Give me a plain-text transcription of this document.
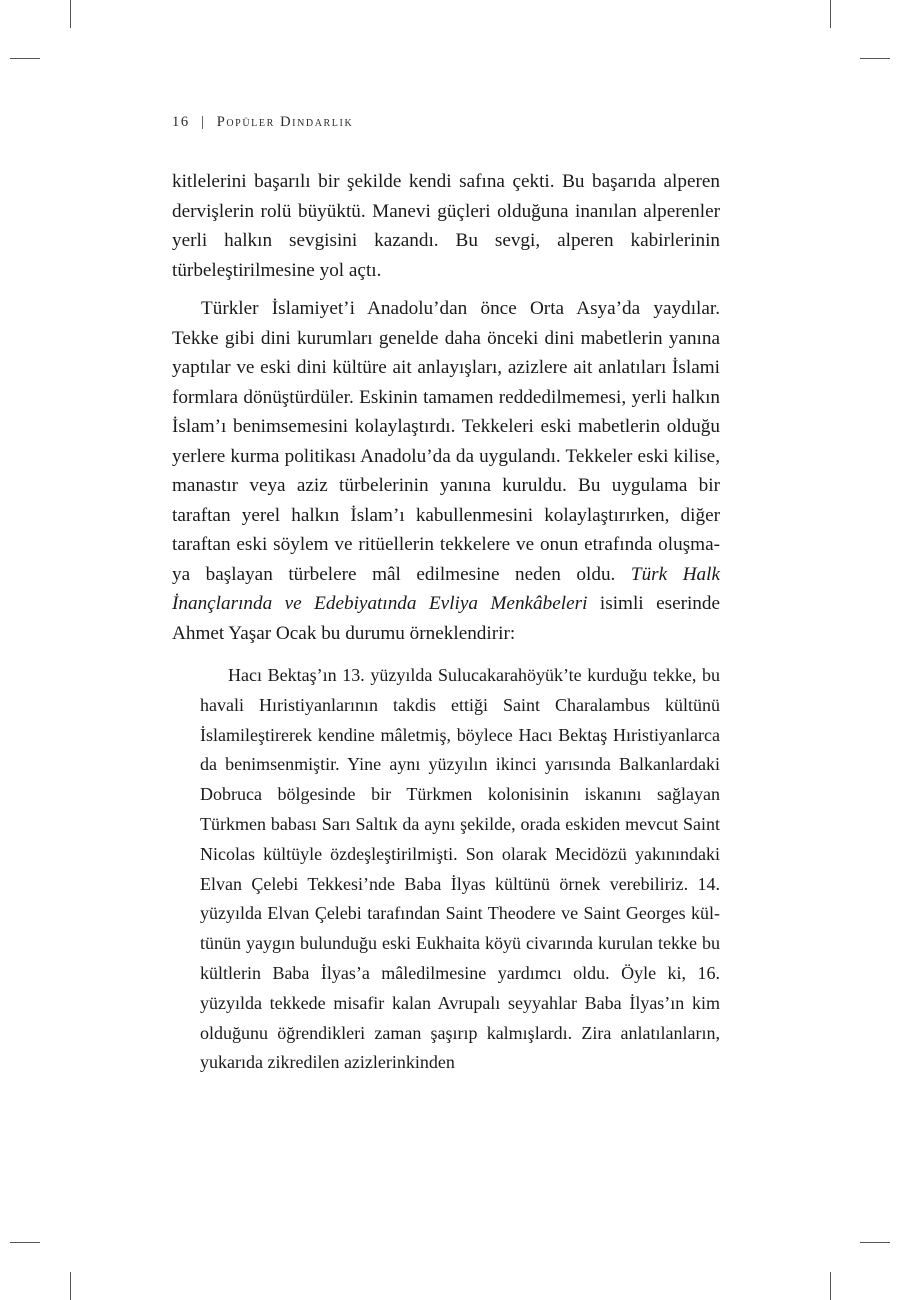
16 | Popüler Dindarlık

kitlelerini başarılı bir şekilde kendi safına çekti. Bu başarıda alperen dervişlerin rolü büyüktü. Manevi güçleri olduğuna inanılan alperenler yerli halkın sevgisini kazandı. Bu sevgi, alperen kabirlerinin türbeleştirilmesine yol açtı.

Türkler İslamiyet’i Anadolu’dan önce Orta Asya’da yaydılar. Tekke gibi dini kurumları genelde daha önceki dini mabetlerin yanına yaptılar ve eski dini kültüre ait anlayışları, azizlere ait anlatıları İslami formlara dönüştürdüler. Eskinin tamamen reddedilmemesi, yerli halkın İslam’ı benimsemesini kolaylaştırdı. Tekkeleri eski mabetlerin olduğu yerlere kurma politikası Anadolu’da da uygulandı. Tekkeler eski kilise, manastır veya aziz türbelerinin yanına kuruldu. Bu uygulama bir taraftan yerel halkın İslam’ı kabullenmesini kolaylaştırırken, diğer taraftan eski söylem ve ritüellerin tekkelere ve onun etrafında oluşmaya başlayan türbelere mâl edilmesine neden oldu. Türk Halk İnançlarında ve Edebiyatında Evliya Menkâbeleri isimli eserinde Ahmet Yaşar Ocak bu durumu örneklendirir:

Hacı Bektaş’ın 13. yüzyılda Sulucakarahöyük’te kurduğu tekke, bu havali Hıristiyanlarının takdis ettiği Saint Charalambus kültünü İslamileştirerek kendine mâletmiş, böylece Hacı Bektaş Hıristiyanlarca da benimsenmiştir. Yine aynı yüzyılın ikinci yarısında Balkanlardaki Dobruca bölgesinde bir Türkmen kolonisinin iskanını sağlayan Türkmen babası Sarı Saltık da aynı şekilde, orada eskiden mevcut Saint Nicolas kültüyle özdeşleştirilmişti. Son olarak Mecidözü yakınındaki Elvan Çelebi Tekkesi’nde Baba İlyas kültünü örnek verebiliriz. 14. yüzyılda Elvan Çelebi tarafından Saint Theodere ve Saint Georges kültünün yaygın bulunduğu eski Eukhaita köyü civarında kurulan tekke bu kültlerin Baba İlyas’a mâledilmesine yardımcı oldu. Öyle ki, 16. yüzyılda tekkede misafir kalan Avrupalı seyyahlar Baba İlyas’ın kim olduğunu öğrendikleri zaman şaşırıp kalmışlardı. Zira anlatılanların, yukarıda zikredilen azizlerinkinden
